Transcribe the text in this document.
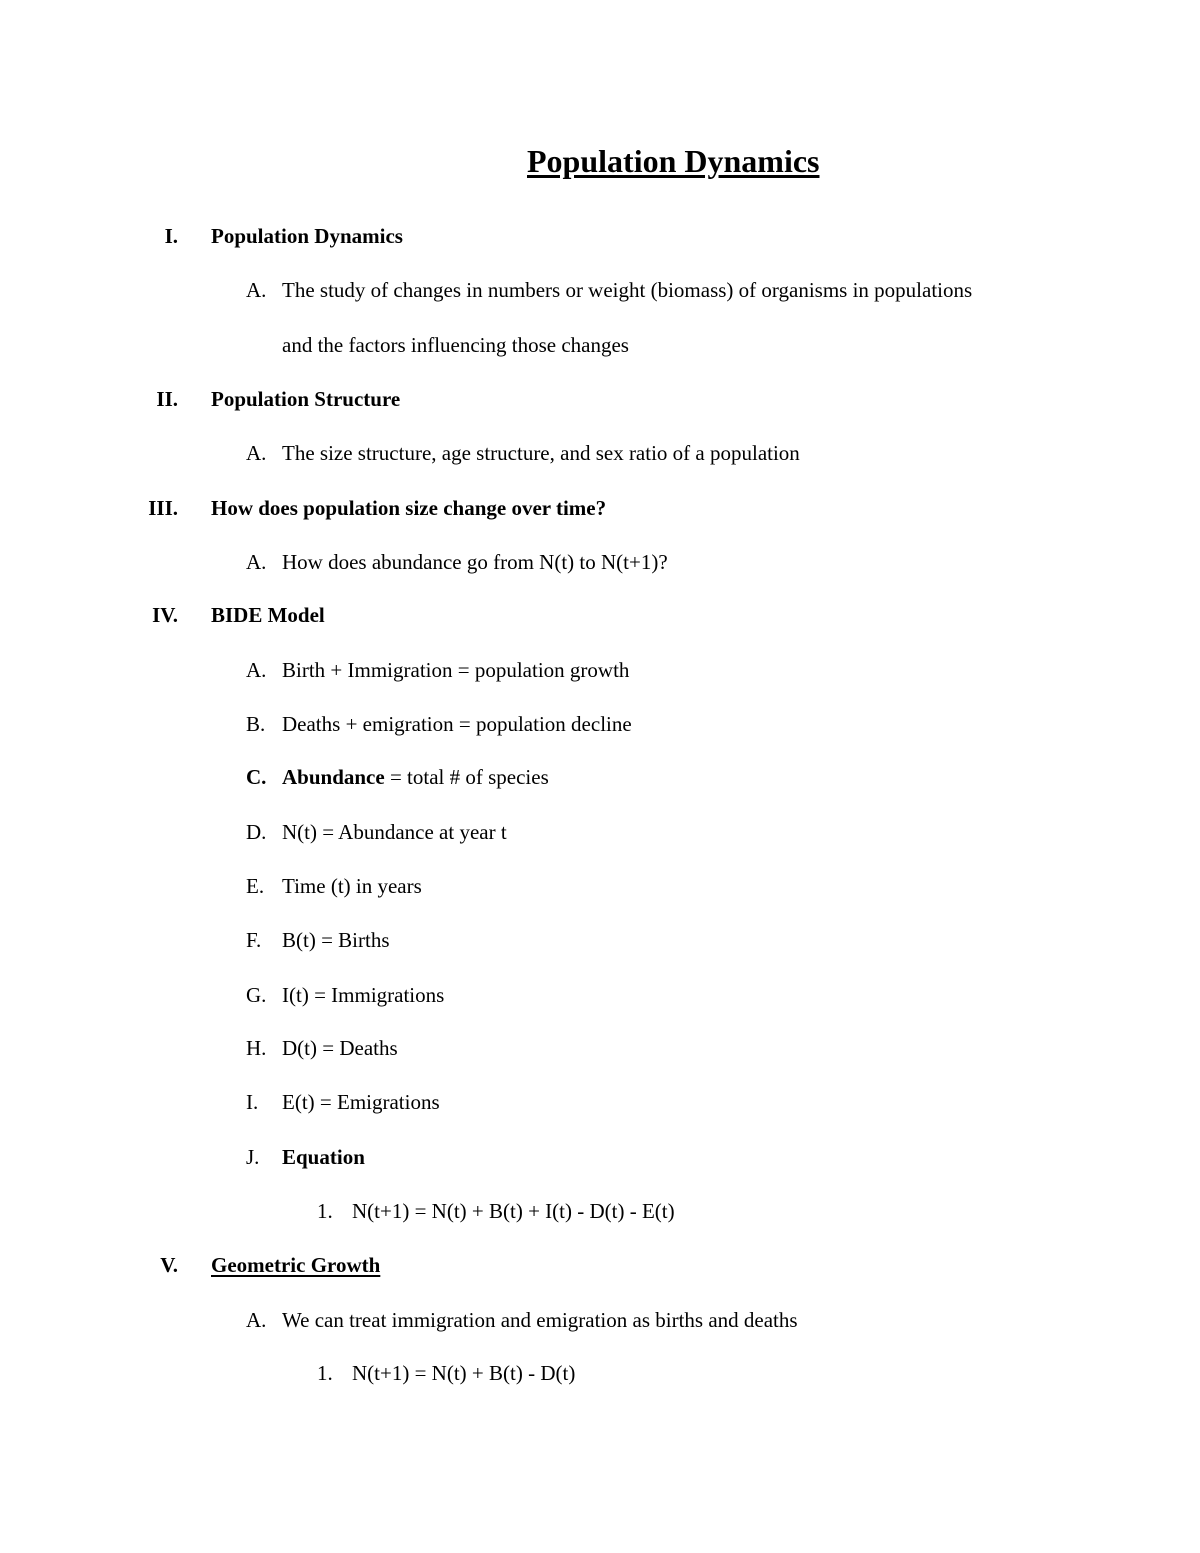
Population Dynamics
I. Population Dynamics
A. The study of changes in numbers or weight (biomass) of organisms in populations
and the factors influencing those changes
II. Population Structure
A. The size structure, age structure, and sex ratio of a population
III. How does population size change over time?
A. How does abundance go from N(t) to N(t+1)?
IV. BIDE Model
A. Birth + Immigration = population growth
B. Deaths + emigration = population decline
C. Abundance = total # of species
D. N(t) = Abundance at year t
E. Time (t) in years
F. B(t) = Births
G. I(t) = Immigrations
H. D(t) = Deaths
I. E(t) = Emigrations
J. Equation
1. N(t+1) = N(t) + B(t) + I(t) - D(t) - E(t)
V. Geometric Growth
A. We can treat immigration and emigration as births and deaths
1. N(t+1) = N(t) + B(t) - D(t)
